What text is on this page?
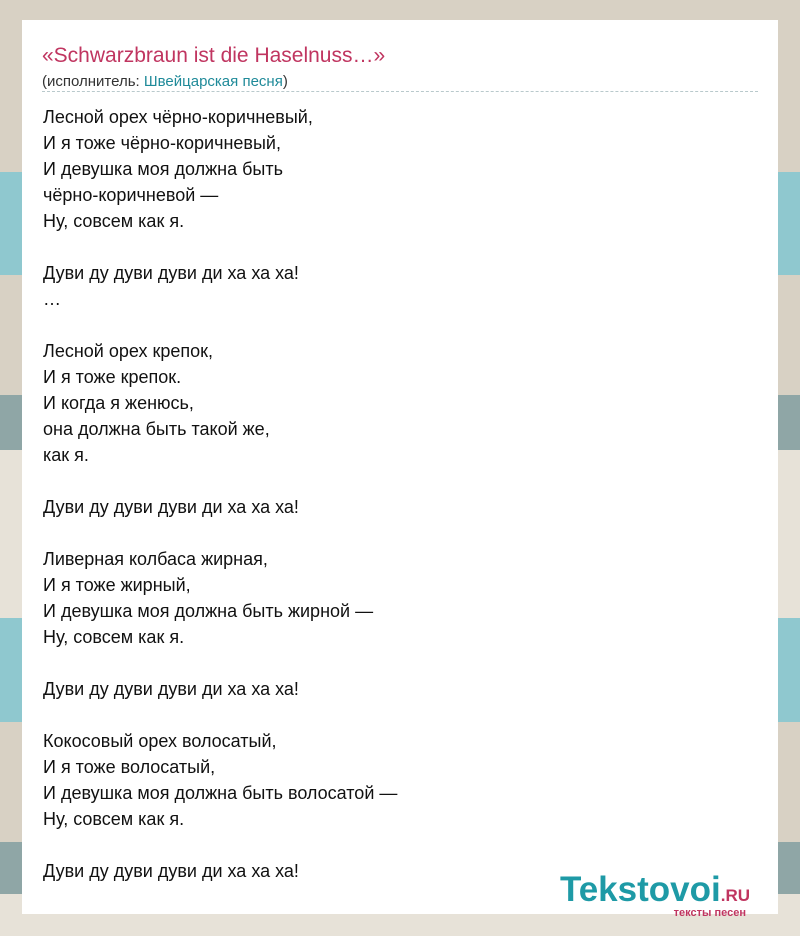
«Schwarzbraun ist die Haselnuss…»
(исполнитель: Швейцарская песня)
Лесной орех чёрно-коричневый,
И я тоже чёрно-коричневый,
И девушка моя должна быть
чёрно-коричневой —
Ну, совсем как я.
Дуви ду дуви дуви ди ха ха ха!
…
Лесной орех крепок,
И я тоже крепок.
И когда я женюсь,
она должна быть такой же,
как я.
Дуви ду дуви дуви ди ха ха ха!
Ливерная колбаса жирная,
И я тоже жирный,
И девушка моя должна быть жирной —
Ну, совсем как я.
Дуви ду дуви дуви ди ха ха ха!
Кокосовый орех волосатый,
И я тоже волосатый,
И девушка моя должна быть волосатой —
Ну, совсем как я.
Дуви ду дуви дуви ди ха ха ха!	Tekstovoi.RU
тексты песен
